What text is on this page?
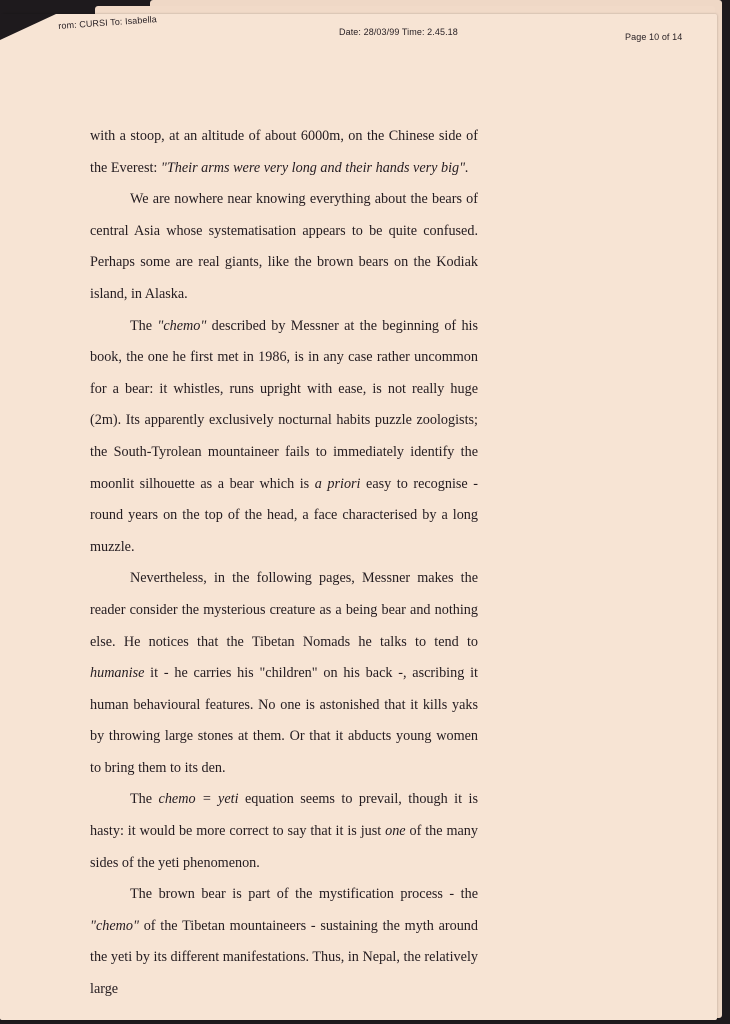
rom: CURSI To: Isabella
Date: 28/03/99 Time: 2.45.18	Page 10 of 14

with a stoop, at an altitude of about 6000m, on the Chinese side of the Everest: "Their arms were very long and their hands very big".

We are nowhere near knowing everything about the bears of central Asia whose systematisation appears to be quite confused. Perhaps some are real giants, like the brown bears on the Kodiak island, in Alaska.

The "chemo" described by Messner at the beginning of his book, the one he first met in 1986, is in any case rather uncommon for a bear: it whistles, runs upright with ease, is not really huge (2m). Its apparently exclusively nocturnal habits puzzle zoologists; the South-Tyrolean mountaineer fails to immediately identify the moonlit silhouette as a bear which is a priori easy to recognise - round years on the top of the head, a face characterised by a long muzzle.

Nevertheless, in the following pages, Messner makes the reader consider the mysterious creature as a being bear and nothing else. He notices that the Tibetan Nomads he talks to tend to humanise it - he carries his "children" on his back -, ascribing it human behavioural features. No one is astonished that it kills yaks by throwing large stones at them. Or that it abducts young women to bring them to its den.

The chemo = yeti equation seems to prevail, though it is hasty: it would be more correct to say that it is just one of the many sides of the yeti phenomenon.

The brown bear is part of the mystification process - the "chemo" of the Tibetan mountaineers - sustaining the myth around the yeti by its different manifestations. Thus, in Nepal, the relatively large
